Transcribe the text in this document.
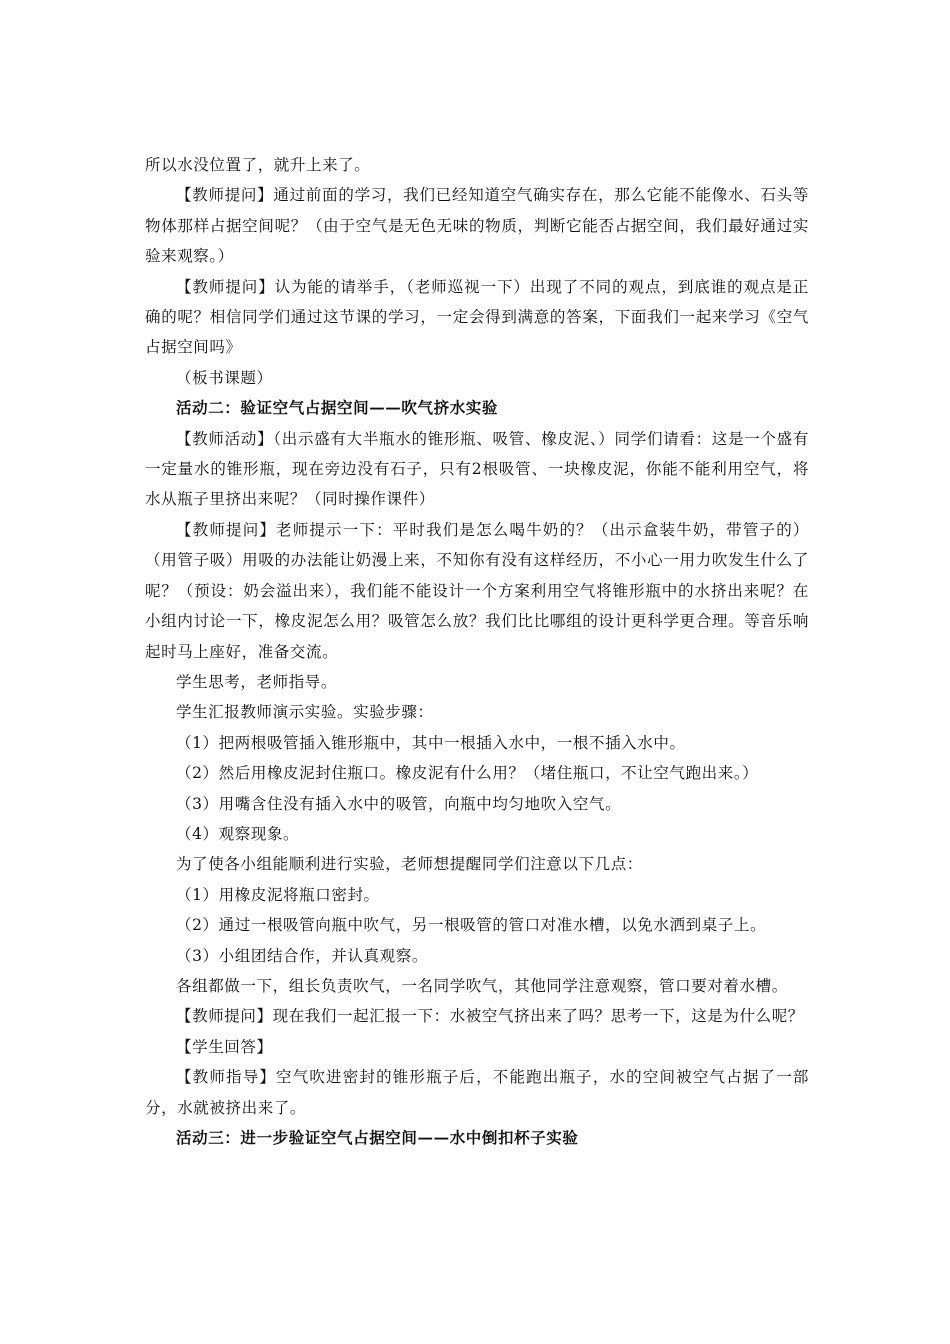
所以水没位置了，就升上来了。

【教师提问】通过前面的学习，我们已经知道空气确实存在，那么它能不能像水、石头等物体那样占据空间呢？（由于空气是无色无味的物质，判断它能否占据空间，我们最好通过实验来观察。）

【教师提问】认为能的请举手，（老师巡视一下）出现了不同的观点，到底谁的观点是正确的呢？相信同学们通过这节课的学习，一定会得到满意的答案，下面我们一起来学习《空气占据空间吗》

（板书课题）

活动二：验证空气占据空间——吹气挤水实验

【教师活动】（出示盛有大半瓶水的锥形瓶、吸管、橡皮泥、）同学们请看：这是一个盛有一定量水的锥形瓶，现在旁边没有石子，只有2根吸管、一块橡皮泥，你能不能利用空气，将水从瓶子里挤出来呢？（同时操作课件）

【教师提问】老师提示一下：平时我们是怎么喝牛奶的？（出示盒装牛奶，带管子的）（用管子吸）用吸的办法能让奶漫上来，不知你有没有这样经历，不小心一用力吹发生什么了呢？（预设：奶会溢出来），我们能不能设计一个方案利用空气将锥形瓶中的水挤出来呢？在小组内讨论一下，橡皮泥怎么用？吸管怎么放？我们比比哪组的设计更科学更合理。等音乐响起时马上座好，准备交流。

学生思考，老师指导。

学生汇报教师演示实验。实验步骤：

（1）把两根吸管插入锥形瓶中，其中一根插入水中，一根不插入水中。

（2）然后用橡皮泥封住瓶口。橡皮泥有什么用？（堵住瓶口，不让空气跑出来。）

（3）用嘴含住没有插入水中的吸管，向瓶中均匀地吹入空气。

（4）观察现象。

为了使各小组能顺利进行实验，老师想提醒同学们注意以下几点：

（1）用橡皮泥将瓶口密封。

（2）通过一根吸管向瓶中吹气，另一根吸管的管口对准水槽，以免水洒到桌子上。

（3）小组团结合作，并认真观察。

各组都做一下，组长负责吹气，一名同学吹气，其他同学注意观察，管口要对着水槽。

【教师提问】现在我们一起汇报一下：水被空气挤出来了吗？思考一下，这是为什么呢？

【学生回答】

【教师指导】空气吹进密封的锥形瓶子后，不能跑出瓶子，水的空间被空气占据了一部分，水就被挤出来了。

活动三：进一步验证空气占据空间——水中倒扣杯子实验
